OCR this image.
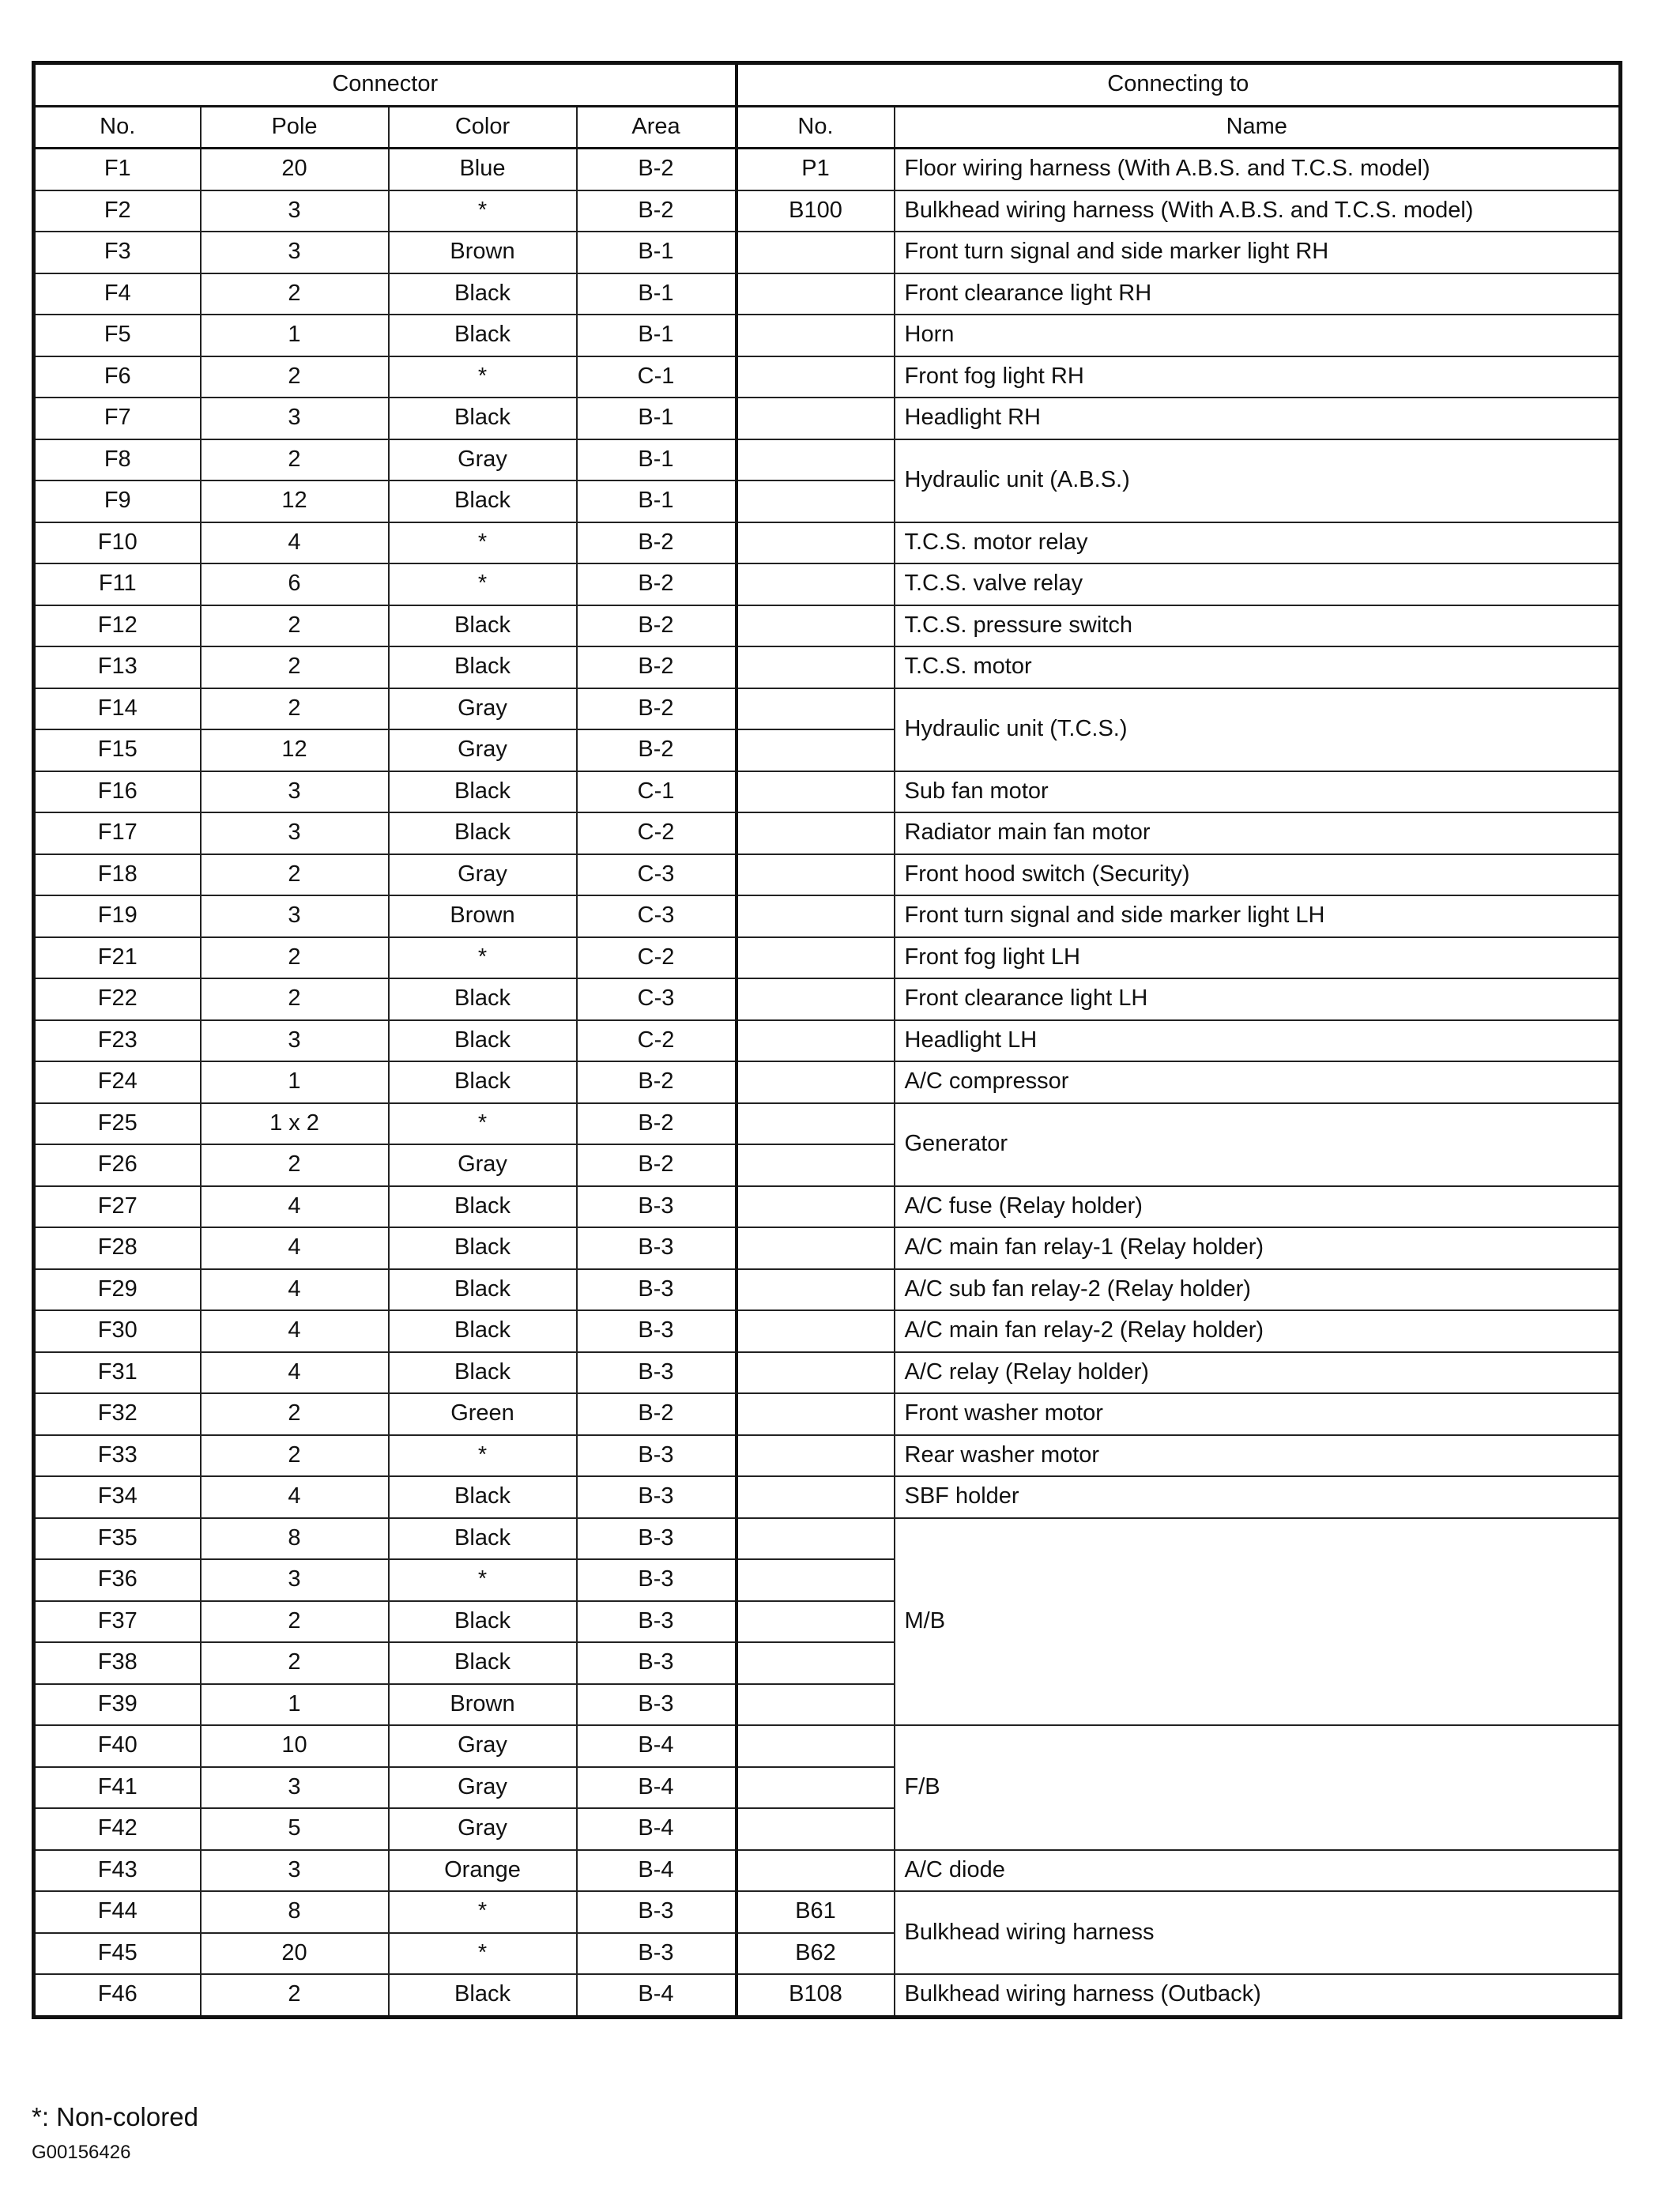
Connector				Connecting to	
No.	Pole	Color	Area	No.	Name
F1	20	Blue	B-2	P1	Floor wiring harness (With A.B.S. and T.C.S. model)
F2	3	*	B-2	B100	Bulkhead wiring harness (With A.B.S. and T.C.S. model)
F3	3	Brown	B-1		Front turn signal and side marker light RH
F4	2	Black	B-1		Front clearance light RH
F5	1	Black	B-1		Horn
F6	2	*	C-1		Front fog light RH
F7	3	Black	B-1		Headlight RH
F8	2	Gray	B-1		Hydraulic unit (A.B.S.)
F9	12	Black	B-1		
F10	4	*	B-2		T.C.S. motor relay
F11	6	*	B-2		T.C.S. valve relay
F12	2	Black	B-2		T.C.S. pressure switch
F13	2	Black	B-2		T.C.S. motor
F14	2	Gray	B-2		Hydraulic unit (T.C.S.)
F15	12	Gray	B-2		
F16	3	Black	C-1		Sub fan motor
F17	3	Black	C-2		Radiator main fan motor
F18	2	Gray	C-3		Front hood switch (Security)
F19	3	Brown	C-3		Front turn signal and side marker light LH
F21	2	*	C-2		Front fog light LH
F22	2	Black	C-3		Front clearance light LH
F23	3	Black	C-2		Headlight LH
F24	1	Black	B-2		A/C compressor
F25	1 x 2	*	B-2		Generator
F26	2	Gray	B-2		
F27	4	Black	B-3		A/C fuse (Relay holder)
F28	4	Black	B-3		A/C main fan relay-1 (Relay holder)
F29	4	Black	B-3		A/C sub fan relay-2 (Relay holder)
F30	4	Black	B-3		A/C main fan relay-2 (Relay holder)
F31	4	Black	B-3		A/C relay (Relay holder)
F32	2	Green	B-2		Front washer motor
F33	2	*	B-3		Rear washer motor
F34	4	Black	B-3		SBF holder
F35	8	Black	B-3		M/B
F36	3	*	B-3		
F37	2	Black	B-3		
F38	2	Black	B-3		
F39	1	Brown	B-3		
F40	10	Gray	B-4		F/B
F41	3	Gray	B-4		
F42	5	Gray	B-4		
F43	3	Orange	B-4		A/C diode
F44	8	*	B-3	B61	Bulkhead wiring harness
F45	20	*	B-3	B62	
F46	2	Black	B-4	B108	Bulkhead wiring harness (Outback)
*: Non-colored
G00156426
